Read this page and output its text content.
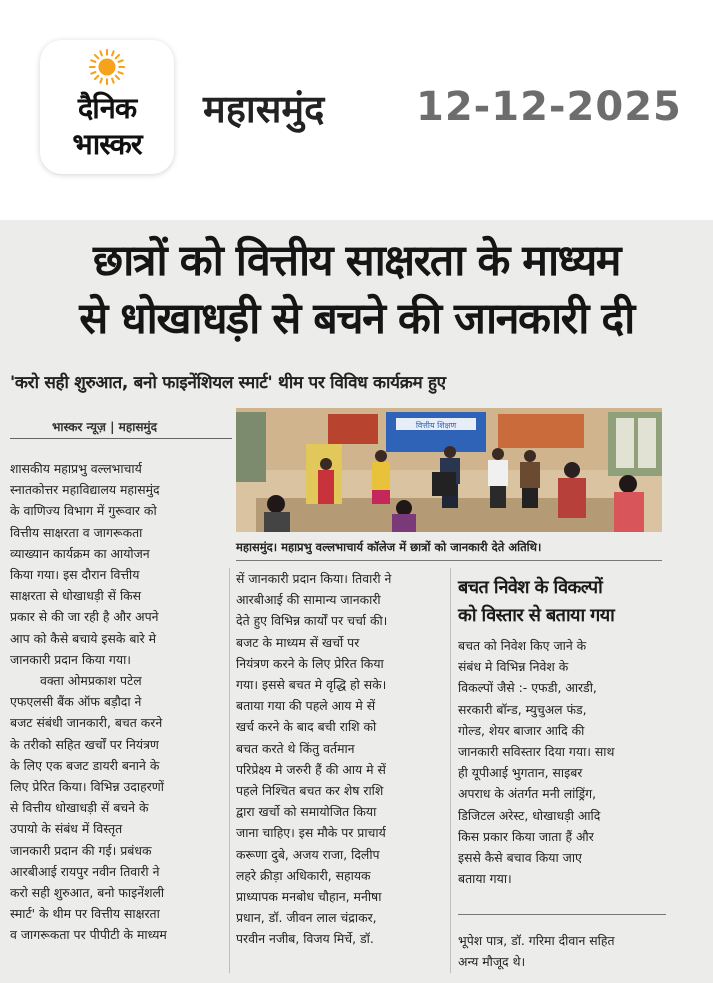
दैनिक
भास्कर
महासमुंद 12-12-2025
छात्रों को वित्तीय साक्षरता के माध्यम
से धोखाधड़ी से बचने की जानकारी दी
'करो सही शुरुआत, बनो फाइनेंशियल स्मार्ट' थीम पर विविध कार्यक्रम हुए
भास्कर न्यूज़ | महासमुंद	वित्तीय शिक्षण
महासमुंद। महाप्रभु वल्लभाचार्य कॉलेज में छात्रों को जानकारी देते अतिथि।
शासकीय महाप्रभु वल्लभाचार्य
स्नातकोत्तर महाविद्यालय महासमुंद
के वाणिज्य विभाग में गुरूवार को
वित्तीय साक्षरता व जागरूकता
व्याख्यान कार्यक्रम का आयोजन
किया गया। इस दौरान वित्तीय
साक्षरता से धोखाधड़ी सें किस
प्रकार से की जा रही है और अपने
आप को कैसे बचाये इसके बारे मे
जानकारी प्रदान किया गया।
वक्ता ओमप्रकाश पटेल
एफएलसी बैंक ऑफ बड़ौदा ने
बजट संबंधी जानकारी, बचत करने
के तरीको सहित खर्चों पर नियंत्रण
के लिए एक बजट डायरी बनाने के
लिए प्रेरित किया। विभिन्न उदाहरणों
से वित्तीय धोखाधड़ी सें बचने के
उपायो के संबंध में विस्तृत
जानकारी प्रदान की गई। प्रबंधक
आरबीआई रायपुर नवीन तिवारी ने
करो सही शुरुआत, बनो फाइनेंशली
स्मार्ट' के थीम पर वित्तीय साक्षरता
व जागरूकता पर पीपीटी के माध्यम
सें जानकारी प्रदान किया। तिवारी ने
आरबीआई की सामान्य जानकारी
देते हुए विभिन्न कार्यों पर चर्चा की।
बजट के माध्यम सें खर्चो पर
नियंत्रण करने के लिए प्रेरित किया
गया। इससे बचत मे वृद्धि हो सके।
बताया गया की पहले आय मे सें
खर्च करने के बाद बची राशि को
बचत करते थे किंतु वर्तमान
परिप्रेक्ष्य मे जरुरी हैं की आय मे सें
पहले निश्चित बचत कर शेष राशि
द्वारा खर्चो को समायोजित किया
जाना चाहिए। इस मौके पर प्राचार्य
करूणा दुबे, अजय राजा, दिलीप
लहरे क्रीड़ा अधिकारी, सहायक
प्राध्यापक मनबोध चौहान, मनीषा
प्रधान, डॉ. जीवन लाल चंद्राकर,
परवीन नजीब, विजय मिर्चे, डॉ.
बचत निवेश के विकल्पों
को विस्तार से बताया गया
बचत को निवेश किए जाने के
संबंध मे विभिन्न निवेश के
विकल्पों जैसे :- एफडी, आरडी,
सरकारी बॉन्ड, म्युचुअल फंड,
गोल्ड, शेयर बाजार आदि की
जानकारी सविस्तार दिया गया। साथ
ही यूपीआई भुगतान, साइबर
अपराध के अंतर्गत मनी लांड्रिंग,
डिजिटल अरेस्ट, धोखाधड़ी आदि
किस प्रकार किया जाता हैं और
इससे कैसे बचाव किया जाए
बताया गया।
भूपेश पात्र, डॉ. गरिमा दीवान सहित
अन्य मौजूद थे।
